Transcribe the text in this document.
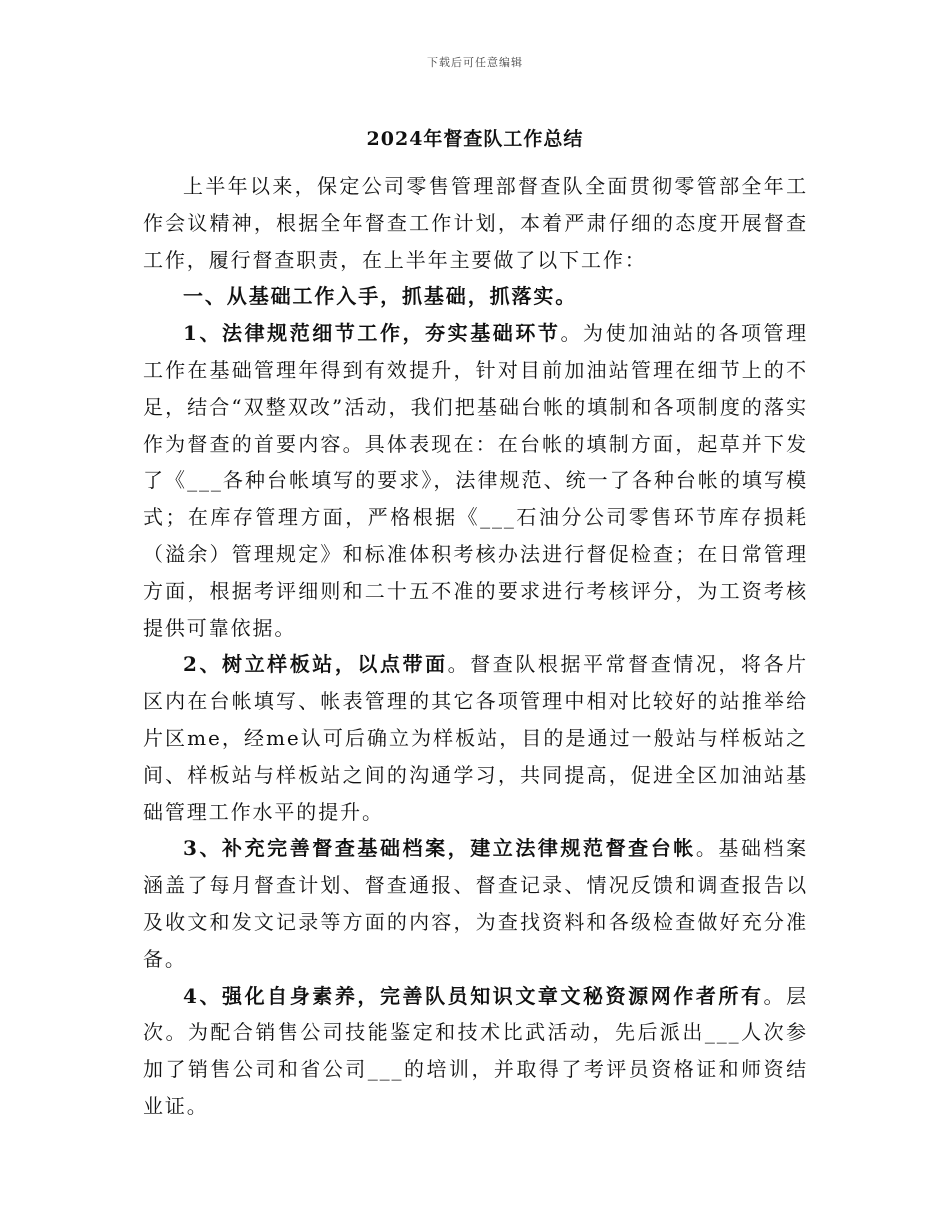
下载后可任意编辑
2024年督查队工作总结

上半年以来，保定公司零售管理部督查队全面贯彻零管部全年工作会议精神，根据全年督查工作计划，本着严肃仔细的态度开展督查工作，履行督查职责，在上半年主要做了以下工作：

一、从基础工作入手，抓基础，抓落实。

1、法律规范细节工作，夯实基础环节。为使加油站的各项管理工作在基础管理年得到有效提升，针对目前加油站管理在细节上的不足，结合“双整双改”活动，我们把基础台帐的填制和各项制度的落实作为督查的首要内容。具体表现在：在台帐的填制方面，起草并下发了《___各种台帐填写的要求》，法律规范、统一了各种台帐的填写模式；在库存管理方面，严格根据《___石油分公司零售环节库存损耗（溢余）管理规定》和标准体积考核办法进行督促检查；在日常管理方面，根据考评细则和二十五不准的要求进行考核评分，为工资考核提供可靠依据。

2、树立样板站，以点带面。督查队根据平常督查情况，将各片区内在台帐填写、帐表管理的其它各项管理中相对比较好的站推举给片区me，经me认可后确立为样板站，目的是通过一般站与样板站之间、样板站与样板站之间的沟通学习，共同提高，促进全区加油站基础管理工作水平的提升。

3、补充完善督查基础档案，建立法律规范督查台帐。基础档案涵盖了每月督查计划、督查通报、督查记录、情况反馈和调查报告以及收文和发文记录等方面的内容，为查找资料和各级检查做好充分准备。

4、强化自身素养，完善队员知识文章文秘资源网作者所有。层次。为配合销售公司技能鉴定和技术比武活动，先后派出___人次参加了销售公司和省公司___的培训，并取得了考评员资格证和师资结业证。
